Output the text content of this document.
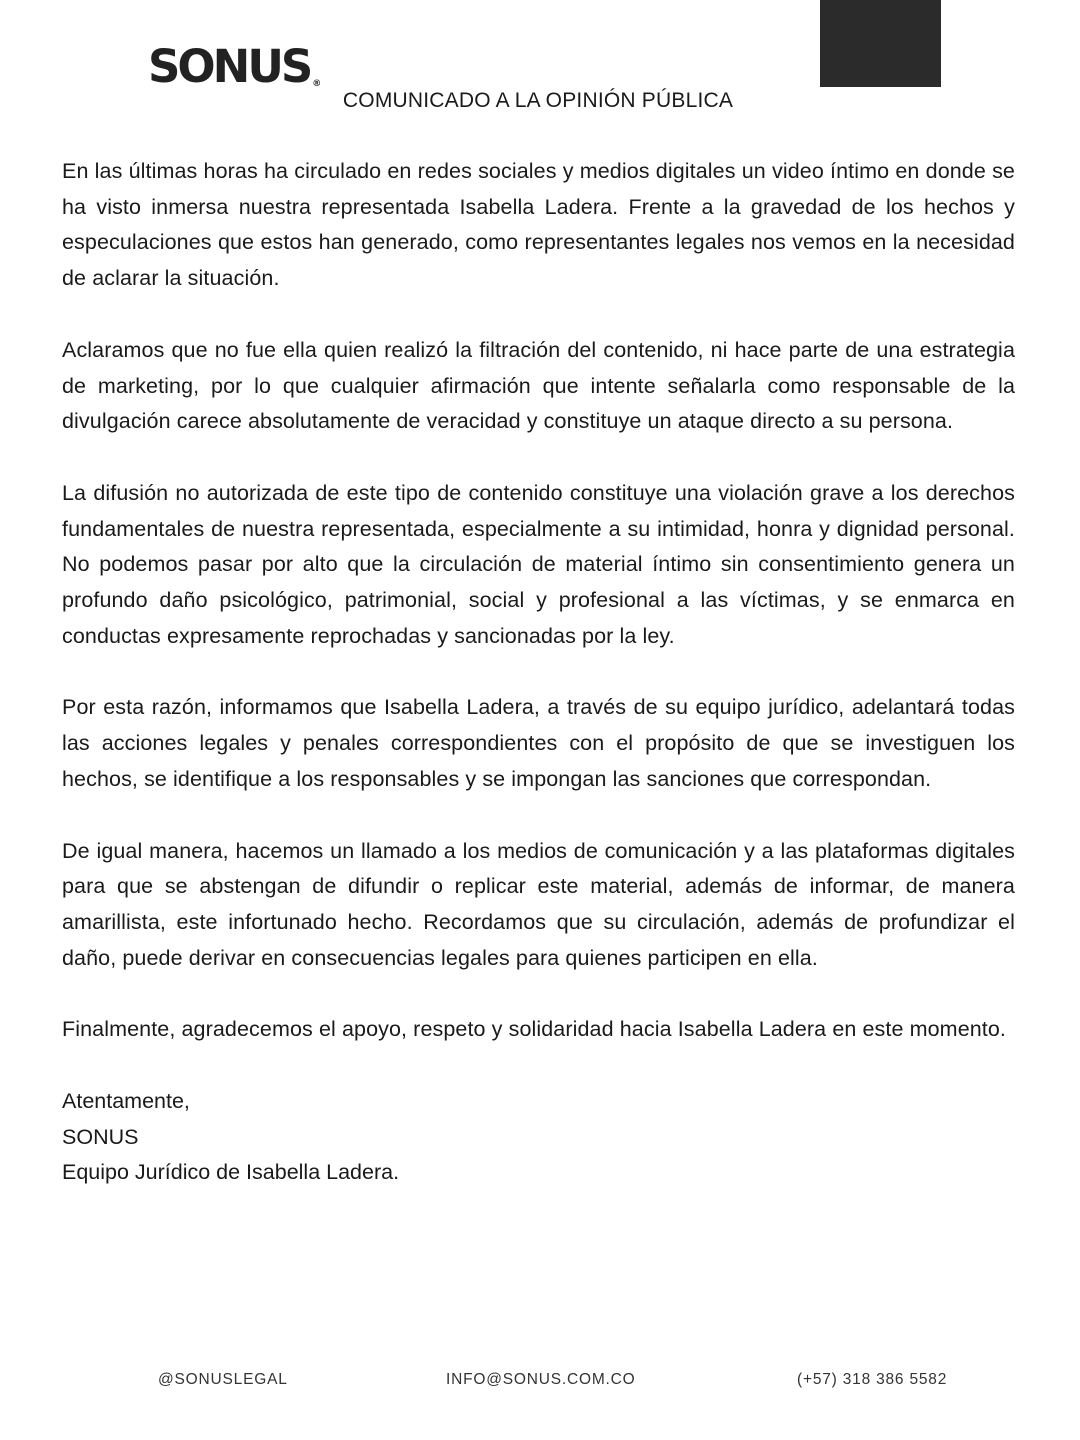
SONUS ®
COMUNICADO A LA OPINIÓN PÚBLICA

En las últimas horas ha circulado en redes sociales y medios digitales un video íntimo en donde se ha visto inmersa nuestra representada Isabella Ladera. Frente a la gravedad de los hechos y especulaciones que estos han generado, como representantes legales nos vemos en la necesidad de aclarar la situación.

Aclaramos que no fue ella quien realizó la filtración del contenido, ni hace parte de una estrategia de marketing, por lo que cualquier afirmación que intente señalarla como responsable de la divulgación carece absolutamente de veracidad y constituye un ataque directo a su persona.

La difusión no autorizada de este tipo de contenido constituye una violación grave a los derechos fundamentales de nuestra representada, especialmente a su intimidad, honra y dignidad personal. No podemos pasar por alto que la circulación de material íntimo sin consentimiento genera un profundo daño psicológico, patrimonial, social y profesional a las víctimas, y se enmarca en conductas expresamente reprochadas y sancionadas por la ley.

Por esta razón, informamos que Isabella Ladera, a través de su equipo jurídico, adelantará todas las acciones legales y penales correspondientes con el propósito de que se investiguen los hechos, se identifique a los responsables y se impongan las sanciones que correspondan.

De igual manera, hacemos un llamado a los medios de comunicación y a las plataformas digitales para que se abstengan de difundir o replicar este material, además de informar, de manera amarillista, este infortunado hecho. Recordamos que su circulación, además de profundizar el daño, puede derivar en consecuencias legales para quienes participen en ella.

Finalmente, agradecemos el apoyo, respeto y solidaridad hacia Isabella Ladera en este momento.

Atentamente,

SONUS

Equipo Jurídico de Isabella Ladera.

@SONUSLEGAL	INFO@SONUS.COM.CO	(+57) 318 386 5582
